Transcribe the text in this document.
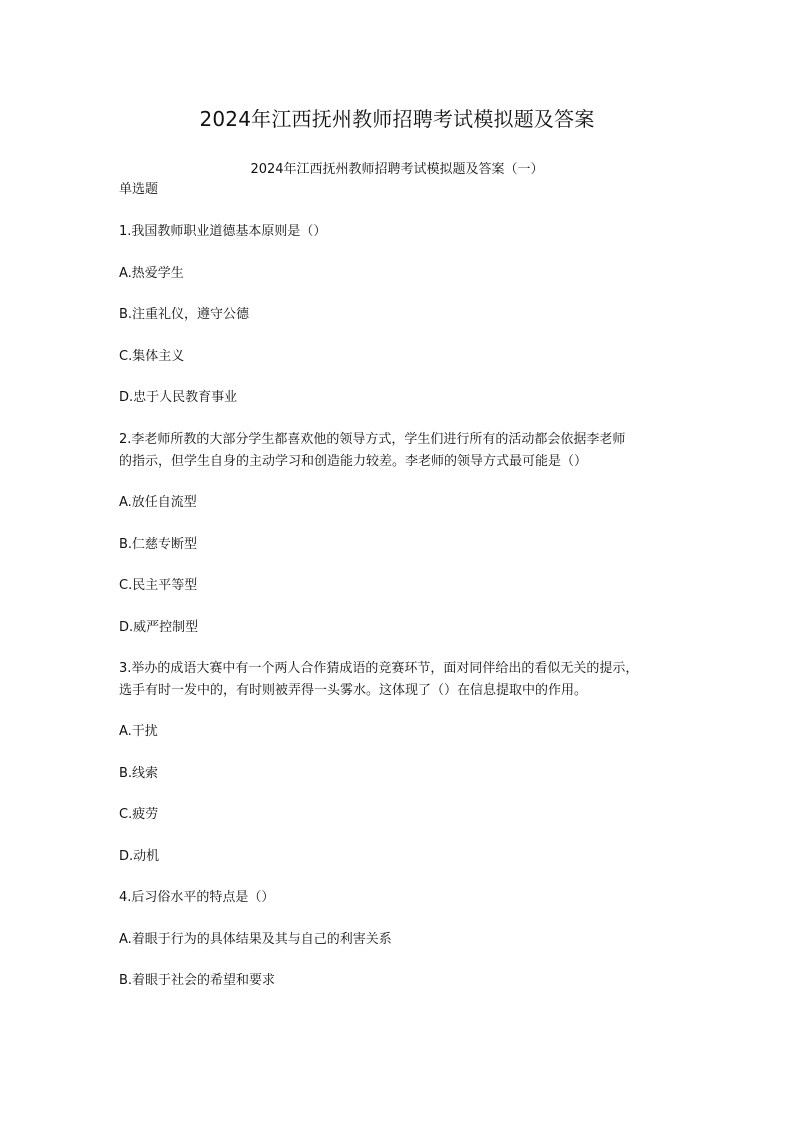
2024年江西抚州教师招聘考试模拟题及答案
2024年江西抚州教师招聘考试模拟题及答案（一）
单选题
1.我国教师职业道德基本原则是（）
A.热爱学生
B.注重礼仪，遵守公德
C.集体主义
D.忠于人民教育事业
2.李老师所教的大部分学生都喜欢他的领导方式，学生们进行所有的活动都会依据李老师
的指示，但学生自身的主动学习和创造能力较差。李老师的领导方式最可能是（）
A.放任自流型
B.仁慈专断型
C.民主平等型
D.威严控制型
3.举办的成语大赛中有一个两人合作猜成语的竞赛环节，面对同伴给出的看似无关的提示，
选手有时一发中的，有时则被弄得一头雾水。这体现了（）在信息提取中的作用。
A.干扰
B.线索
C.疲劳
D.动机
4.后习俗水平的特点是（）
A.着眼于行为的具体结果及其与自己的利害关系
B.着眼于社会的希望和要求
